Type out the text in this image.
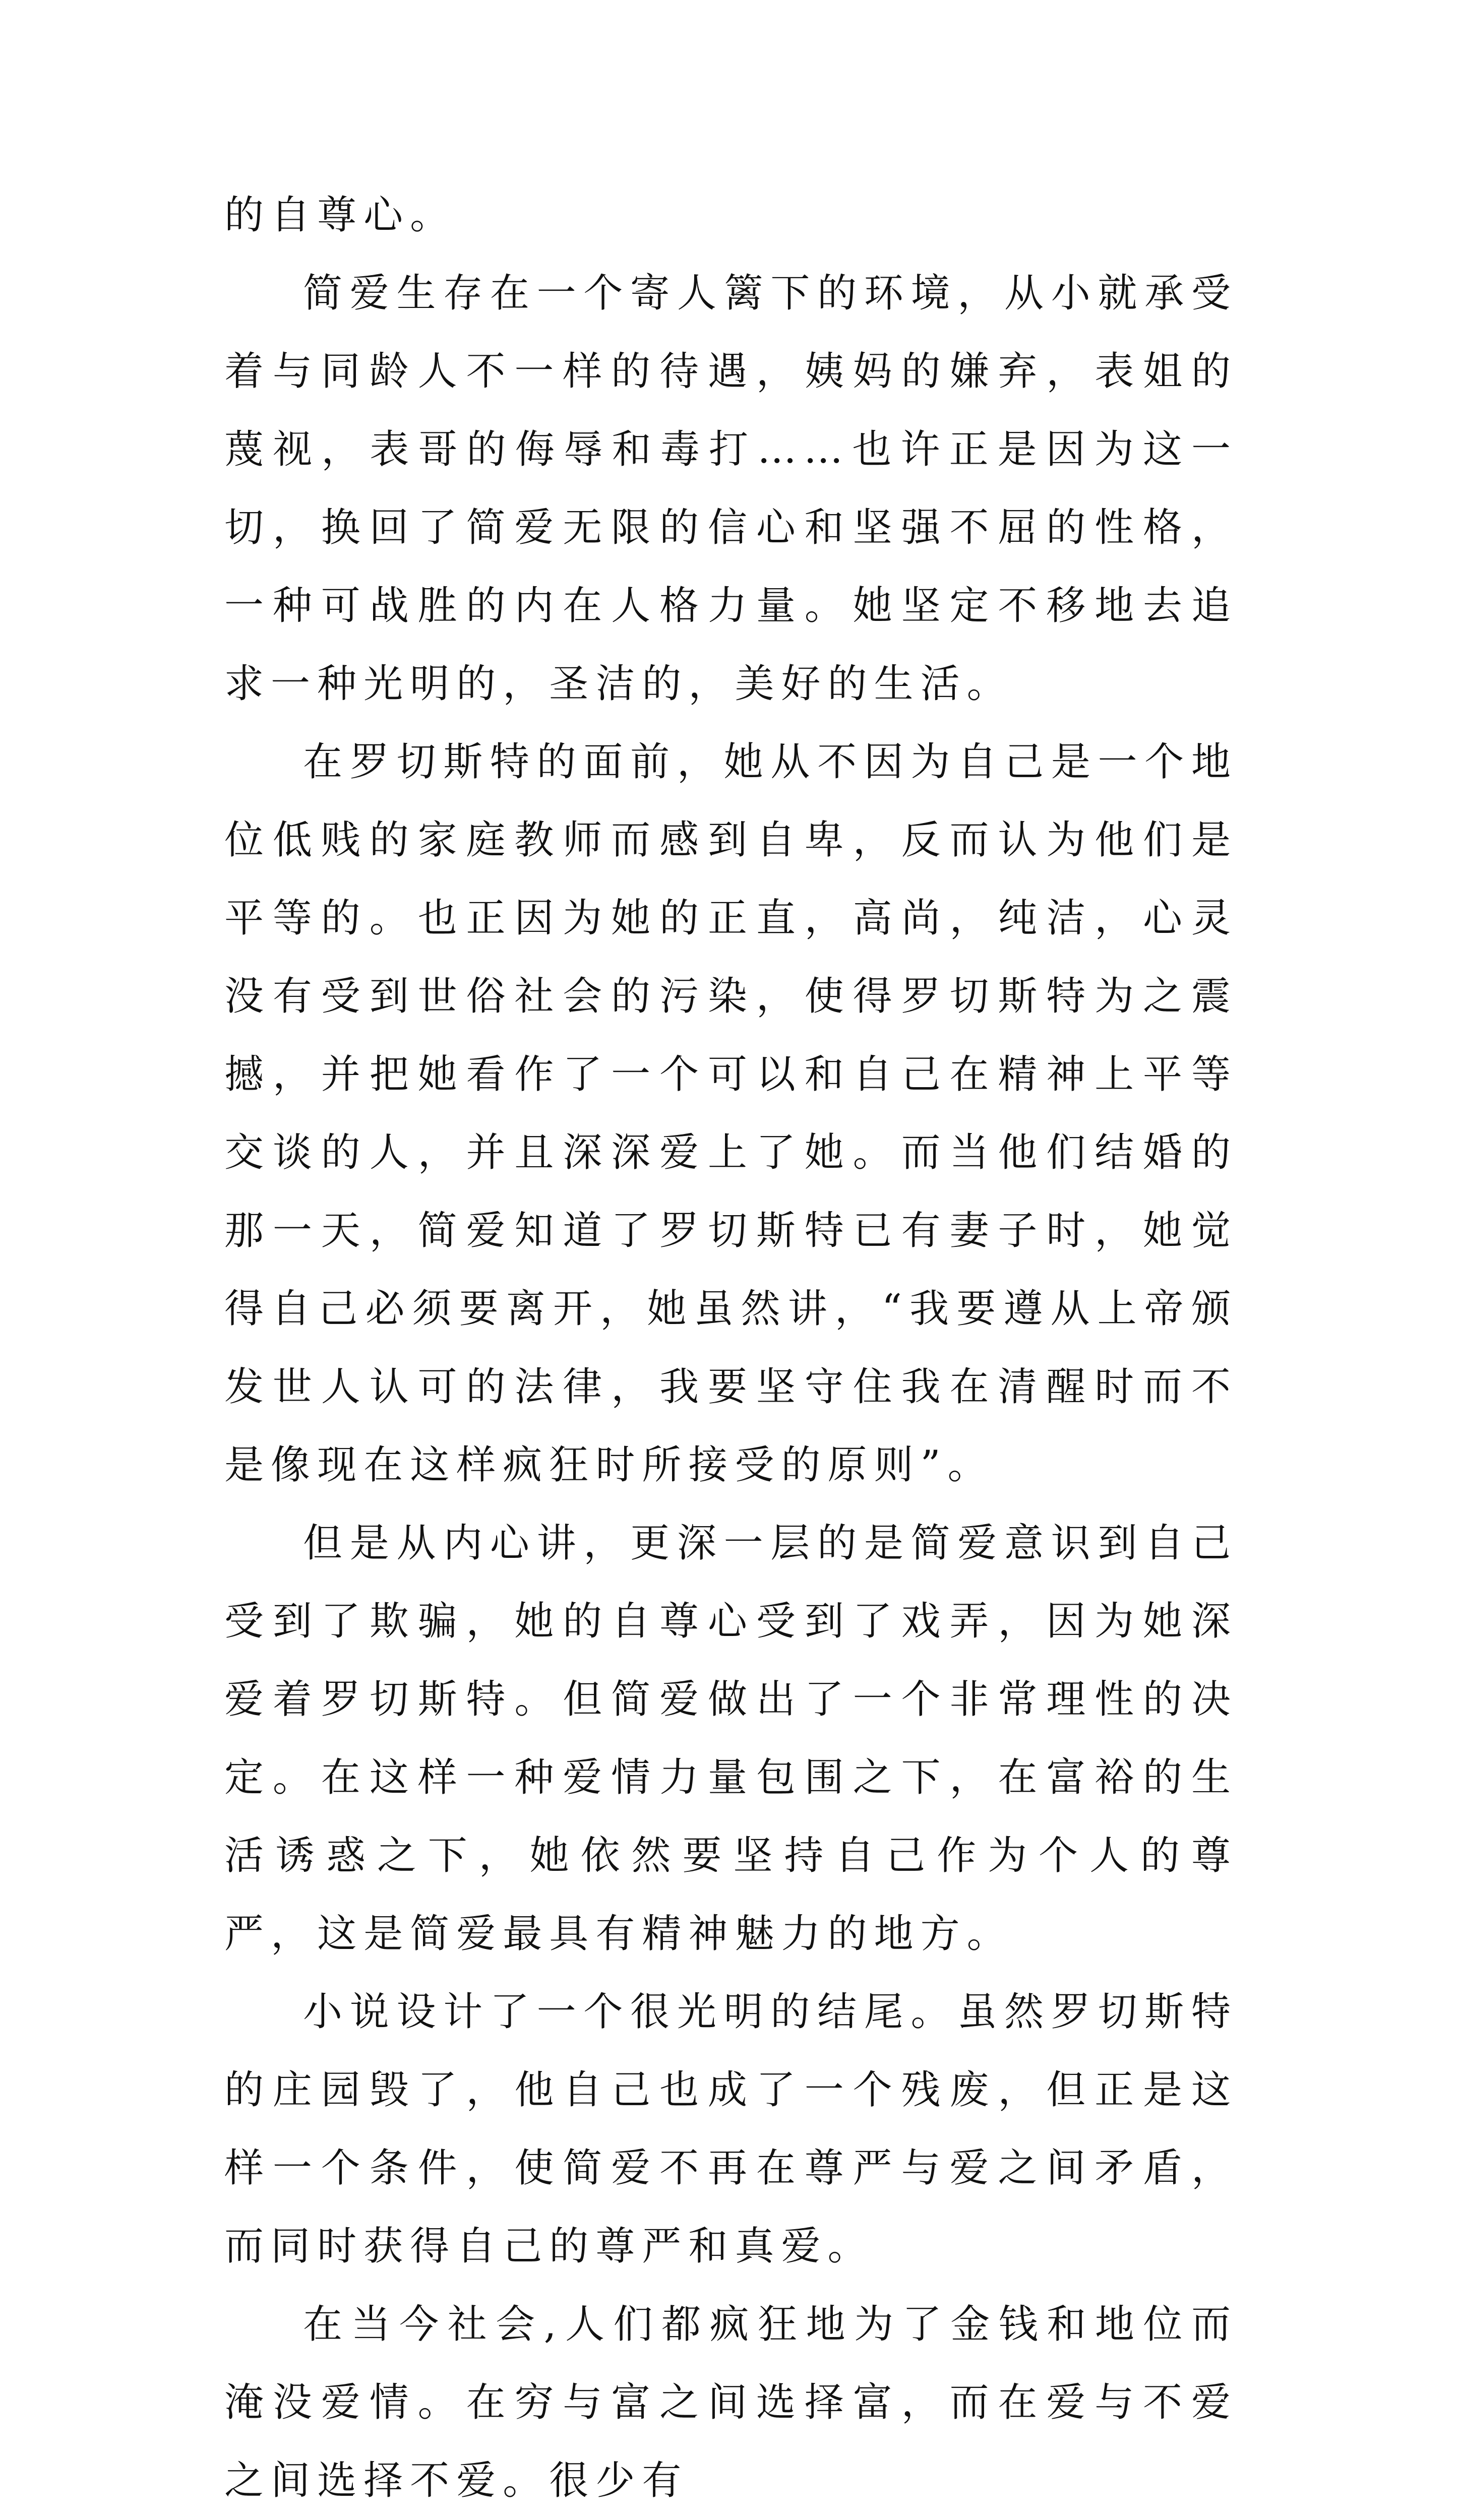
的自尊心。

简爱生存在一个寄人篱下的环境，从小就承受着与同龄人不一样的待遇，姨妈的嫌弃，表姐的蔑视，表哥的侮辱和毒打……也许正是因为这一切，换回了简爱无限的信心和坚强不屈的性格，一种可战胜的内在人格力量。她坚定不移地去追求一种光明的，圣洁的，美好的生活。

在罗切斯特的面前，她从不因为自己是一个地位低贱的家庭教师而感到自卑，反而认为他们是平等的。也正因为她的正直，高尚，纯洁，心灵没有受到世俗社会的污染，使得罗切斯特为之震撼，并把她看作了一个可以和自己在精神上平等交谈的人，并且深深爱上了她。而当他们结婚的那一天，简爱知道了罗切斯特已有妻子时，她觉得自己必须要离开，她虽然讲，“我要遵从上帝颁发世人认可的法律，我要坚守住我在清醒时而不是像现在这样疯狂时所接受的原则”。

但是从内心讲，更深一层的是简爱意识到自己受到了欺骗，她的自尊心受到了戏弄，因为她深爱着罗切斯特。但简爱做出了一个非常理性的决定。在这样一种爱情力量包围之下，在富裕的生活诱惑之下，她依然要坚持自己作为个人的尊严，这是简爱最具有精神魅力的地方。

小说设计了一个很光明的结尾。虽然罗切斯特的庄园毁了，他自己也成了一个残废，但正是这样一个条件，使简爱不再在尊严与爱之间矛盾，而同时获得自己的尊严和真爱。

在当今社会,人们都疯狂地为了金钱和地位而淹没爱情。在穷与富之间选择富，而在爱与不爱之间选择不爱。很少有
